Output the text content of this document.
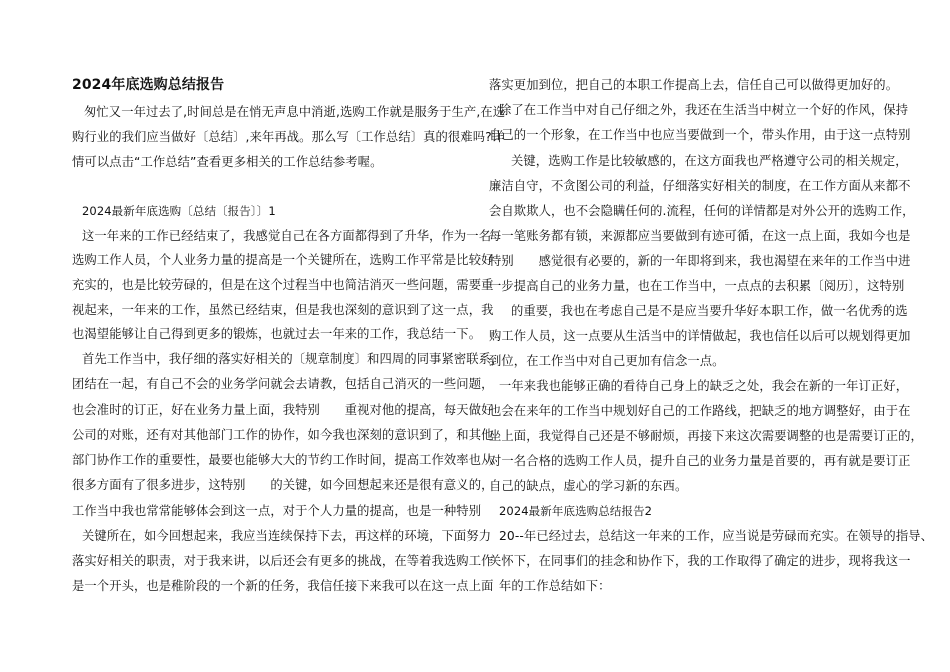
2024年底选购总结报告
匆忙又一年过去了,时间总是在悄无声息中消逝,选购工作就是服务于生产,在选
购行业的我们应当做好〔总结〕,来年再战。那么写〔工作总结〕真的很难吗?详
情可以点击“工作总结”查看更多相关的工作总结参考喔。
2024最新年底选购〔总结〔报告〕〕1
这一年来的工作已经结束了，我感觉自己在各方面都得到了升华，作为一名
选购工作人员，个人业务力量的提高是一个关键所在，选购工作平常是比较好
充实的，也是比较劳碌的，但是在这个过程当中也简洁消灭一些问题，需要重
视起来，一年来的工作，虽然已经结束，但是我也深刻的意识到了这一点，我
也渴望能够让自己得到更多的锻炼，也就过去一年来的工作，我总结一下。
首先工作当中，我仔细的落实好相关的〔规章制度〕和四周的同事紧密联系，
团结在一起，有自己不会的业务学问就会去请教，包括自己消灭的一些问题，
也会准时的订正，好在业务力量上面，我特别　　重视对他的提高，每天做好
公司的对账，还有对其他部门工作的协作，如今我也深刻的意识到了，和其他
部门协作工作的重要性，最要也能够大大的节约工作时间，提高工作效率也从
很多方面有了很多进步，这特别　　的关键，如今回想起来还是很有意义的，
工作当中我也常常能够体会到这一点，对于个人力量的提高，也是一种特别
关键所在，如今回想起来，我应当连续保持下去，再这样的环境，下面努力
落实好相关的职责，对于我来讲，以后还会有更多的挑战，在等着我选购工作
是一个开头，也是稚阶段的一个新的任务，我信任接下来我可以在这一点上面
落实更加到位，把自己的本职工作提高上去，信任自己可以做得更加好的。
除了在工作当中对自己仔细之外，我还在生活当中树立一个好的作风，保持
自己的一个形象，在工作当中也应当要做到一个，带头作用，由于这一点特别
关键，选购工作是比较敏感的，在这方面我也严格遵守公司的相关规定，
廉洁自守，不贪图公司的利益，仔细落实好相关的制度，在工作方面从来都不
会自欺欺人，也不会隐瞒任何的.流程，任何的详情都是对外公开的选购工作，
每一笔账务都有锁，来源都应当要做到有迹可循，在这一点上面，我如今也是
特别　　感觉很有必要的，新的一年即将到来，我也渴望在来年的工作当中进
一步提高自己的业务力量，也在工作当中，一点点的去积累〔阅历〕，这特别
的重要，我也在考虑自己是不是应当要升华好本职工作，做一名优秀的选
购工作人员，这一点要从生活当中的详情做起，我也信任以后可以规划得更加
到位，在工作当中对自己更加有信念一点。
一年来我也能够正确的看待自己身上的缺乏之处，我会在新的一年订正好，
也会在来年的工作当中规划好自己的工作路线，把缺乏的地方调整好，由于在
坐上面，我觉得自己还是不够耐烦，再接下来这次需要调整的也是需要订正的，
对一名合格的选购工作人员，提升自己的业务力量是首要的，再有就是要订正
自己的缺点，虚心的学习新的东西。
2024最新年底选购总结报告2
20--年已经过去，总结这一年来的工作，应当说是劳碌而充实。在领导的指导、
关怀下，在同事们的挂念和协作下，我的工作取得了确定的进步，现将我这一
年的工作总结如下：
